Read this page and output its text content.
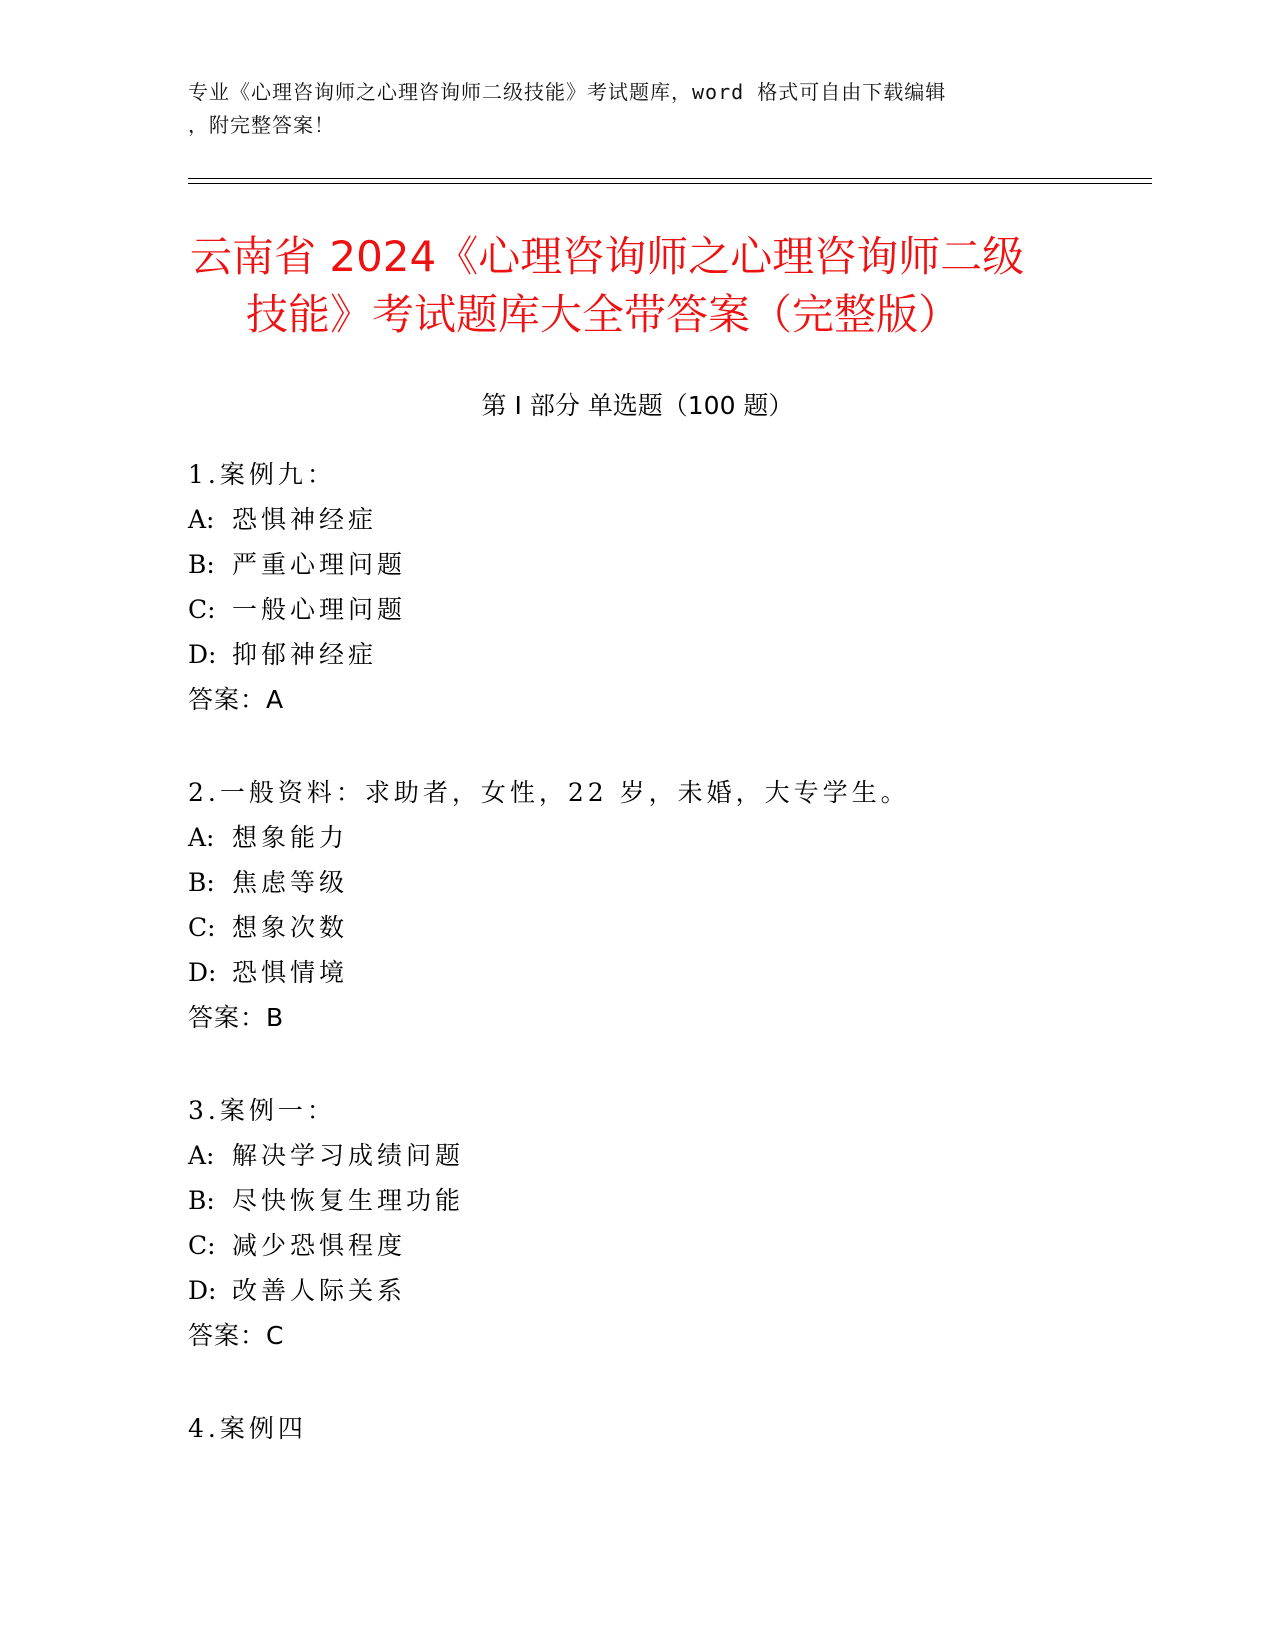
专业《心理咨询师之心理咨询师二级技能》考试题库，word 格式可自由下载编辑
，附完整答案！
云南省 2024《心理咨询师之心理咨询师二级
技能》考试题库大全带答案（完整版）
第 I 部分 单选题（100 题）
1.案例九：
A: 恐惧神经症
B: 严重心理问题
C: 一般心理问题
D: 抑郁神经症
答案：A
2.一般资料：求助者，女性，22 岁，未婚，大专学生。
A: 想象能力
B: 焦虑等级
C: 想象次数
D: 恐惧情境
答案：B
3.案例一：
A: 解决学习成绩问题
B: 尽快恢复生理功能
C: 减少恐惧程度
D: 改善人际关系
答案：C
4.案例四
